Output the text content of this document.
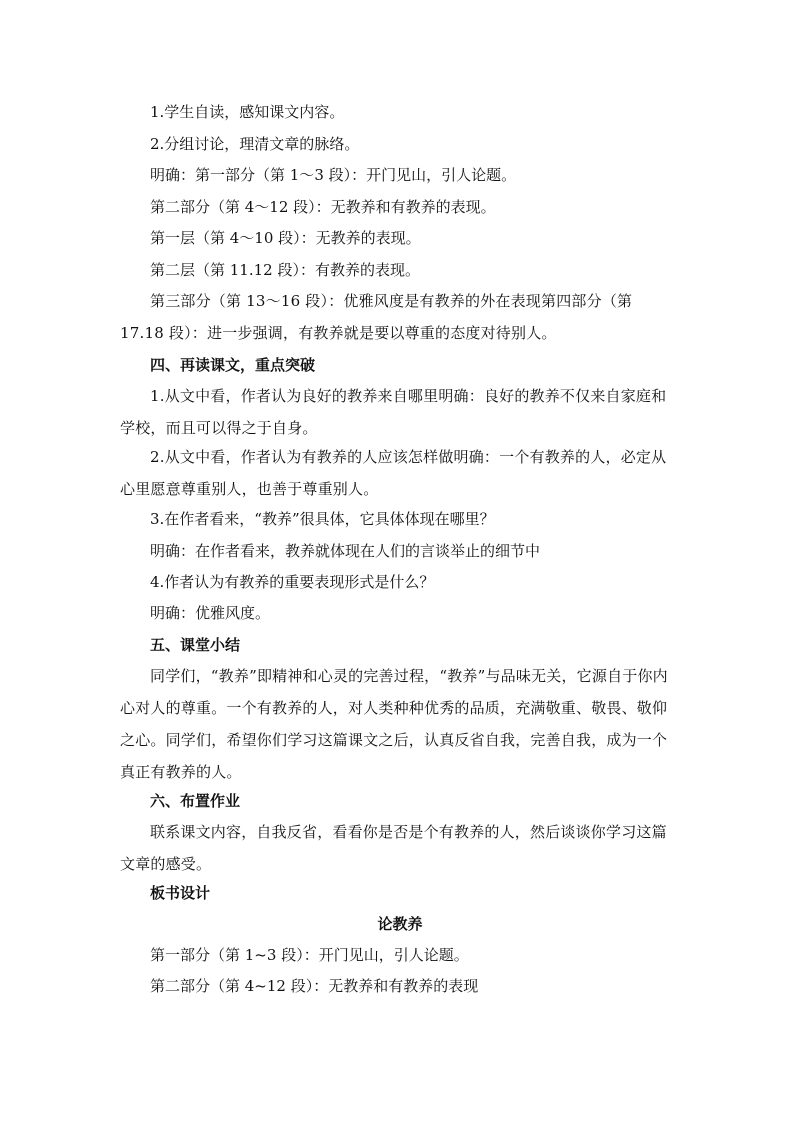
1.学生自读，感知课文内容。
2.分组讨论，理清文章的脉络。
明确：第一部分（第 1～3 段）：开门见山，引人论题。
第二部分（第 4～12 段）：无教养和有教养的表现。
第一层（第 4～10 段）：无教养的表现。
第二层（第 11.12 段）：有教养的表现。
第三部分（第 13～16 段）：优雅风度是有教养的外在表现第四部分（第 17.18 段）：进一步强调，有教养就是要以尊重的态度对待别人。
四、再读课文，重点突破
1.从文中看，作者认为良好的教养来自哪里明确：良好的教养不仅来自家庭和学校，而且可以得之于自身。
2.从文中看，作者认为有教养的人应该怎样做明确：一个有教养的人，必定从心里愿意尊重别人，也善于尊重别人。
3.在作者看来，“教养”很具体，它具体体现在哪里？
明确：在作者看来，教养就体现在人们的言谈举止的细节中
4.作者认为有教养的重要表现形式是什么？
明确：优雅风度。
五、课堂小结
同学们，“教养”即精神和心灵的完善过程，“教养”与品味无关，它源自于你内心对人的尊重。一个有教养的人，对人类种种优秀的品质，充满敬重、敬畏、敬仰之心。同学们，希望你们学习这篇课文之后，认真反省自我，完善自我，成为一个真正有教养的人。
六、布置作业
联系课文内容，自我反省，看看你是否是个有教养的人，然后谈谈你学习这篇文章的感受。
板书设计
论教养
第一部分（第 1~3 段）：开门见山，引人论题。
第二部分（第 4~12 段）：无教养和有教养的表现
